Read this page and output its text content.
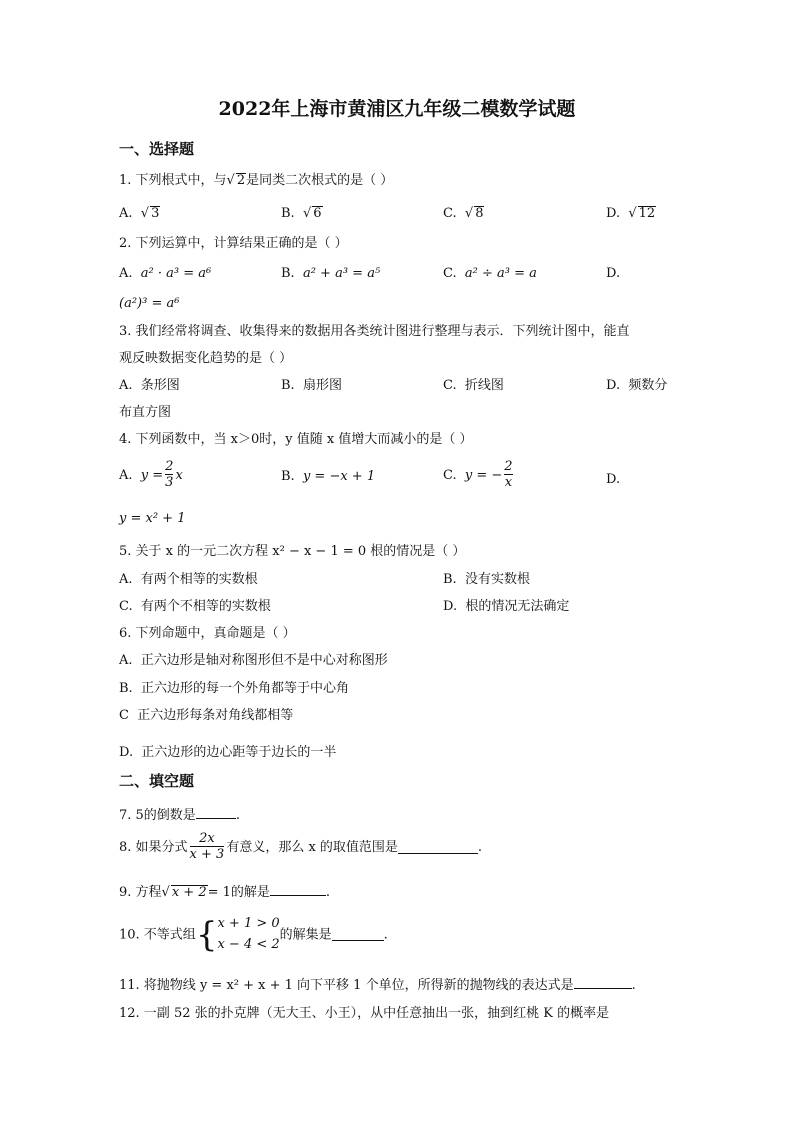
2022年上海市黄浦区九年级二模数学试题
一、选择题
1. 下列根式中，与√ 2是同类二次根式的是（ ）
A. √ 3	B. √ 6	C. √ 8	D. √ 12
2. 下列运算中，计算结果正确的是（ ）
A. a² · a³ = a⁶	B. a² + a³ = a⁵	C. a² ÷ a³ = a	D.
(a²)³ = a⁶
3. 我们经常将调查、收集得来的数据用各类统计图进行整理与表示．下列统计图中，能直
观反映数据变化趋势的是（ ）
A. 条形图	B. 扇形图	C. 折线图	D. 频数分
布直方图
4. 下列函数中，当 x＞0时，y 值随 x 值增大而减小的是（ ）
A. $y = \frac{2}{3}$ x	B. y = −x + 1	C. y = − $\frac{2}{x}$	D.
y = x² + 1
5. 关于 x 的一元二次方程 x² − x − 1 = 0 根的情况是（ ）
A. 有两个相等的实数根	B. 没有实数根
C. 有两个不相等的实数根	D. 根的情况无法确定
6. 下列命题中，真命题是（ ）
A. 正六边形是轴对称图形但不是中心对称图形
B. 正六边形的每一个外角都等于中心角
C 正六边形每条对角线都相等
D. 正六边形的边心距等于边长的一半
二、填空题
7. 5的倒数是	.
8. 如果分式 $\frac{2x}{x + 3}$ 有意义，那么 x 的取值范围是	.
9. 方程√ x + 2= 1的解是	.
10. 不等式组{ x + 1 > 0
x − 4 < 2
的解集是	.
11. 将抛物线 y = x² + x + 1 向下平移 1 个单位，所得新的抛物线的表达式是	.
12. 一副 52 张的扑克牌（无大王、小王），从中任意抽出一张，抽到红桃 K 的概率是
